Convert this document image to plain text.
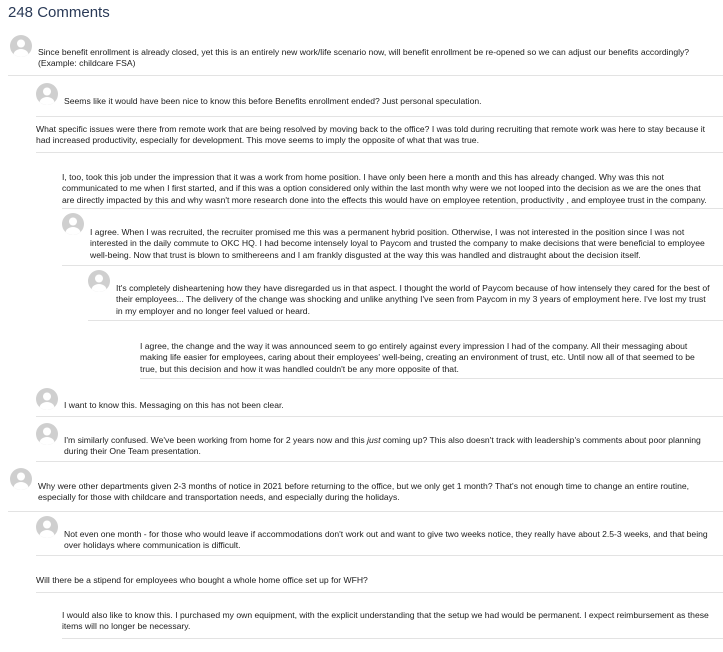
248 Comments
Since benefit enrollment is already closed, yet this is an entirely new work/life scenario now, will benefit enrollment be re-opened so we can adjust our benefits accordingly? (Example: childcare FSA)
Seems like it would have been nice to know this before Benefits enrollment ended? Just personal speculation.
What specific issues were there from remote work that are being resolved by moving back to the office? I was told during recruiting that remote work was here to stay because it had increased productivity, especially for development. This move seems to imply the opposite of what that was true.
I, too, took this job under the impression that it was a work from home position. I have only been here a month and this has already changed. Why was this not communicated to me when I first started, and if this was a option considered only within the last month why were we not looped into the decision as we are the ones that are directly impacted by this and why wasn't more research done into the effects this would have on employee retention, productivity , and employee trust in the company.
I agree. When I was recruited, the recruiter promised me this was a permanent hybrid position. Otherwise, I was not interested in the position since I was not interested in the daily commute to OKC HQ. I had become intensely loyal to Paycom and trusted the company to make decisions that were beneficial to employee well-being. Now that trust is blown to smithereens and I am frankly disgusted at the way this was handled and distraught about the decision itself.
It's completely disheartening how they have disregarded us in that aspect. I thought the world of Paycom because of how intensely they cared for the best of their employees... The delivery of the change was shocking and unlike anything I've seen from Paycom in my 3 years of employment here. I've lost my trust in my employer and no longer feel valued or heard.
I agree, the change and the way it was announced seem to go entirely against every impression I had of the company. All their messaging about making life easier for employees, caring about their employees' well-being, creating an environment of trust, etc. Until now all of that seemed to be true, but this decision and how it was handled couldn't be any more opposite of that.
I want to know this. Messaging on this has not been clear.
I'm similarly confused. We've been working from home for 2 years now and this just coming up? This also doesn't track with leadership's comments about poor planning during their One Team presentation.
Why were other departments given 2-3 months of notice in 2021 before returning to the office, but we only get 1 month? That's not enough time to change an entire routine, especially for those with childcare and transportation needs, and especially during the holidays.
Not even one month - for those who would leave if accommodations don't work out and want to give two weeks notice, they really have about 2.5-3 weeks, and that being over holidays where communication is difficult.
Will there be a stipend for employees who bought a whole home office set up for WFH?
I would also like to know this. I purchased my own equipment, with the explicit understanding that the setup we had would be permanent. I expect reimbursement as these items will no longer be necessary.
